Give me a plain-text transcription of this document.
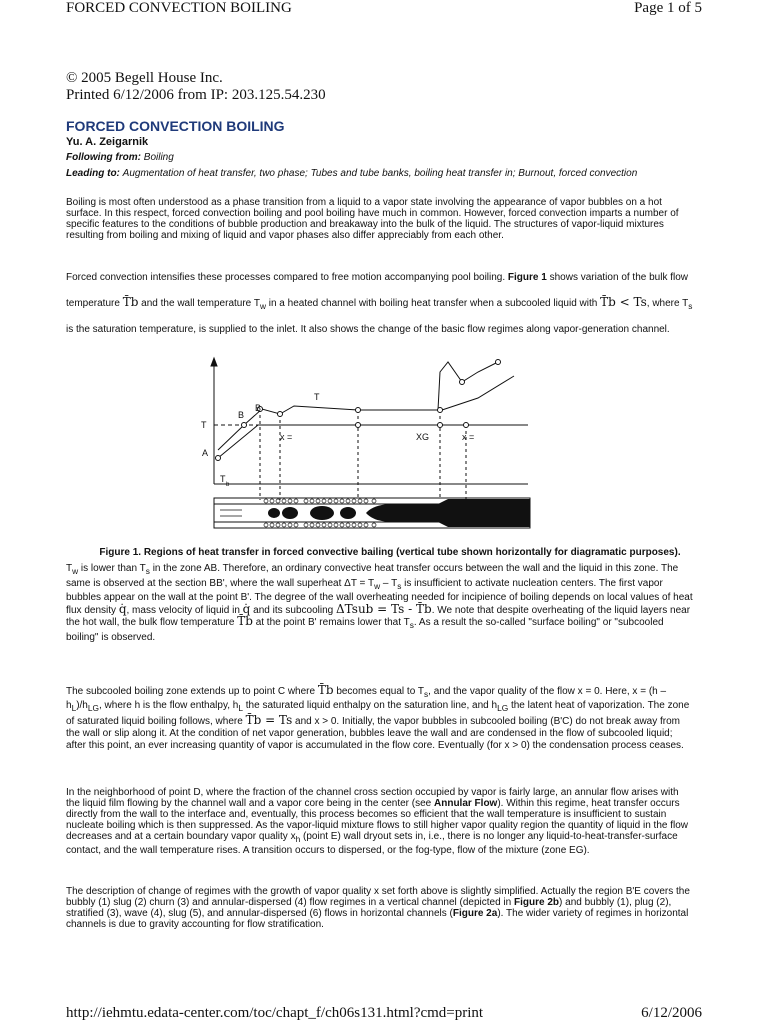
FORCED CONVECTION BOILING	Page 1 of 5
© 2005 Begell House Inc.
Printed 6/12/2006 from IP: 203.125.54.230
FORCED CONVECTION BOILING
Yu. A. Zeigarnik
Following from: Boiling
Leading to: Augmentation of heat transfer, two phase; Tubes and tube banks, boiling heat transfer in; Burnout, forced convection
Boiling is most often understood as a phase transition from a liquid to a vapor state involving the appearance of vapor bubbles on a hot surface. In this respect, forced convection boiling and pool boiling have much in common. However, forced convection imparts a number of specific features to the conditions of bubble production and breakaway into the bulk of the liquid. The structures of vapor-liquid mixtures resulting from boiling and mixing of liquid and vapor phases also differ appreciably from each other.
Forced convection intensifies these processes compared to free motion accompanying pool boiling. Figure 1 shows variation of the bulk flow temperature T̄b and the wall temperature $T_w$ in a heated channel with boiling heat transfer when a subcooled liquid with T̄b < Ts, where $T_s$ is the saturation temperature, is supplied to the inlet. It also shows the change of the basic flow regimes along vapor-generation channel.
T
B
B
A
T
b
T
x =	XG	x =
Figure 1. Regions of heat transfer in forced convective bailing (vertical tube shown horizontally for diagramatic purposes).
$T_w$ is lower than $T_s$ in the zone AB. Therefore, an ordinary convective heat transfer occurs between the wall and the liquid in this zone. The same is observed at the section BB', where the wall superheat $\Delta T = T_w - T_s$ is insufficient to activate nucleation centers. The first vapor bubbles appear on the wall at the point B'. The degree of the wall overheating needed for incipience of boiling depends on local values of heat flux density q̇, mass velocity of liquid in q̇ and its subcooling ΔTsub = Ts - T̄b. We note that despite overheating of the liquid layers near the hot wall, the bulk flow temperature T̄b at the point B' remains lower that $T_s$. As a result the so-called "surface boiling" or "subcooled boiling" is observed.
The subcooled boiling zone extends up to point C where T̄b becomes equal to $T_s$, and the vapor quality of the flow x = 0. Here, $x = (h - h_L)/h_{LG}$, where h is the flow enthalpy, $h_L$ the saturated liquid enthalpy on the saturation line, and $h_{LG}$ the latent heat of vaporization. The zone of saturated liquid boiling follows, where T̄b = Ts and x > 0. Initially, the vapor bubbles in subcooled boiling (B'C) do not break away from the wall or slip along it. At the condition of net vapor generation, bubbles leave the wall and are condensed in the flow of subcooled liquid; after this point, an ever increasing quantity of vapor is accumulated in the flow core. Eventually (for x > 0) the condensation process ceases.
In the neighborhood of point D, where the fraction of the channel cross section occupied by vapor is fairly large, an annular flow arises with the liquid film flowing by the channel wall and a vapor core being in the center (see Annular Flow). Within this regime, heat transfer occurs directly from the wall to the interface and, eventually, this process becomes so efficient that the wall temperature is insufficient to sustain nucleate boiling which is then suppressed. As the vapor-liquid mixture flows to still higher vapor quality region the quantity of liquid in the flow decreases and at a certain boundary vapor quality $x_h$ (point E) wall dryout sets in, i.e., there is no longer any liquid-to-heat-transfer-surface contact, and the wall temperature rises. A transition occurs to dispersed, or the fog-type, flow of the mixture (zone EG).
The description of change of regimes with the growth of vapor quality x set forth above is slightly simplified. Actually the region B'E covers the bubbly (1) slug (2) churn (3) and annular-dispersed (4) flow regimes in a vertical channel (depicted in Figure 2b) and bubbly (1), plug (2), stratified (3), wave (4), slug (5), and annular-dispersed (6) flows in horizontal channels (Figure 2a). The wider variety of regimes in horizontal channels is due to gravity accounting for flow stratification.
http://iehmtu.edata-center.com/toc/chapt_f/ch06s131.html?cmd=print	6/12/2006
